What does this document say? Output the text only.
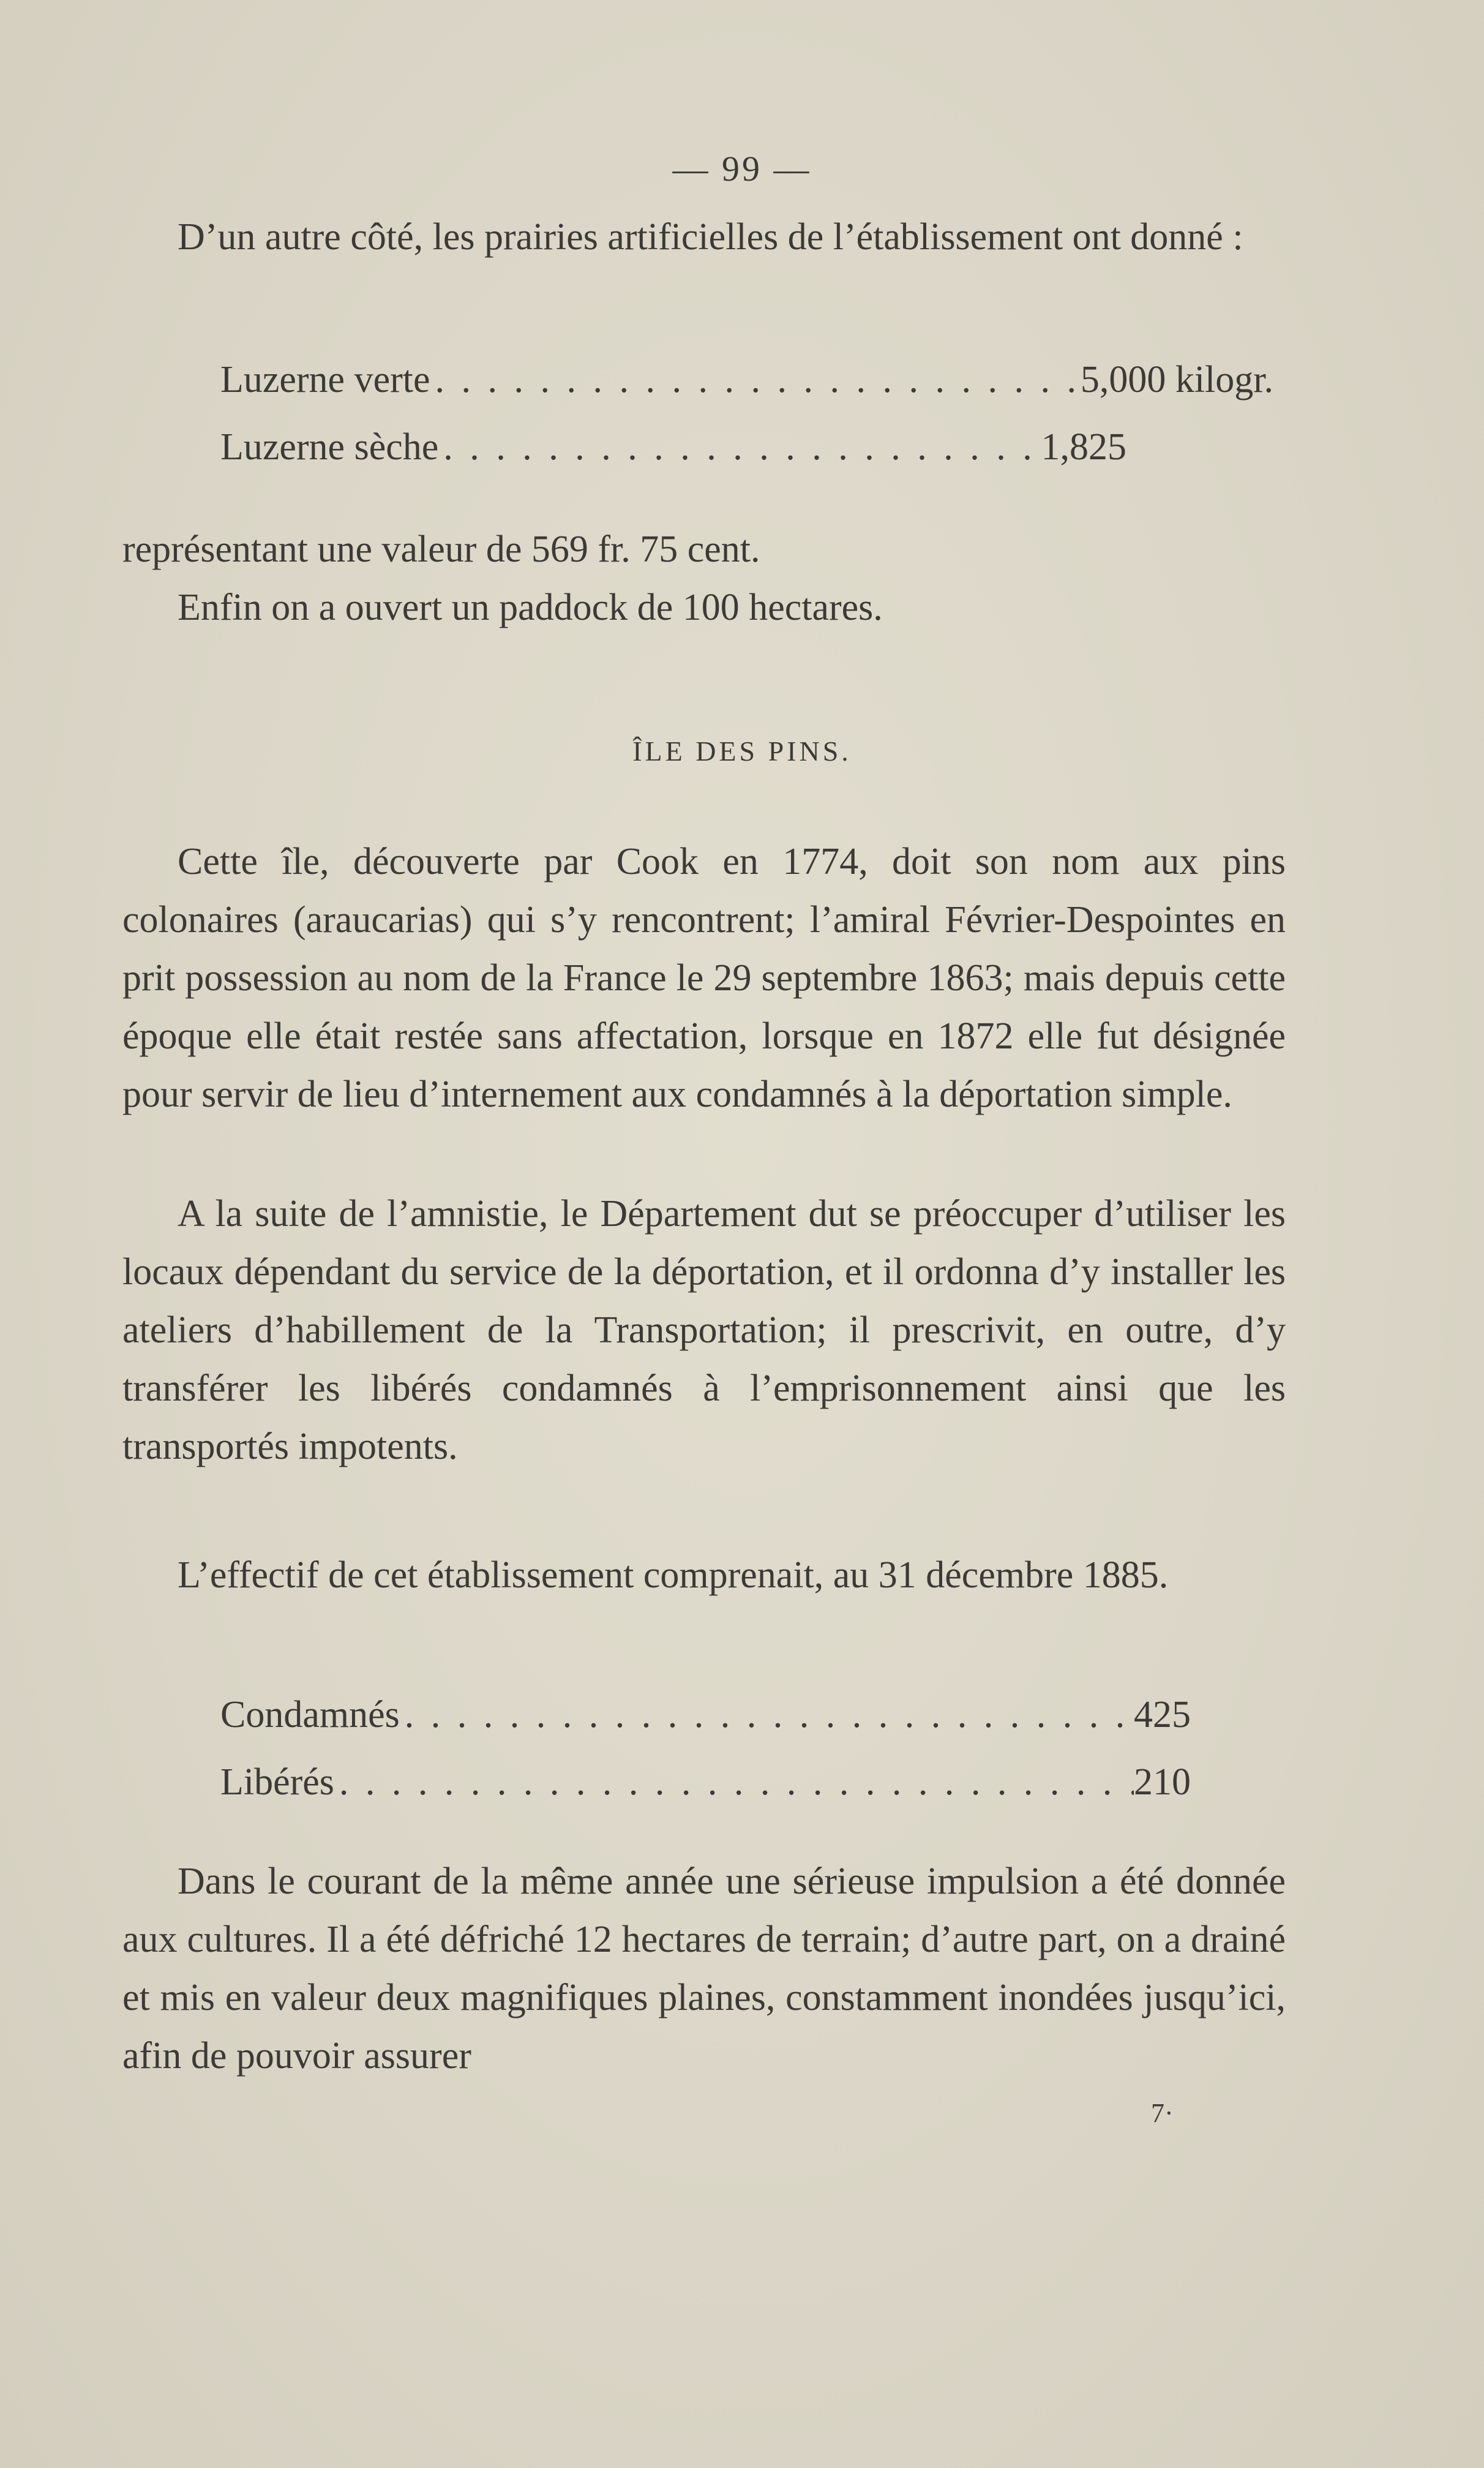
— 99 —

D’un autre côté, les prairies artificielles de l’établissement ont donné :

Luzerne verte . . .	5,000 kilogr.
Luzerne sèche . . .	1,825

représentant une valeur de 569 fr. 75 cent.

Enfin on a ouvert un paddock de 100 hectares.

ÎLE DES PINS.

Cette île, découverte par Cook en 1774, doit son nom aux pins colonaires (araucarias) qui s’y rencontrent; l’amiral Février-Despointes en prit possession au nom de la France le 29 septembre 1863; mais depuis cette époque elle était restée sans affectation, lorsque en 1872 elle fut désignée pour servir de lieu d’internement aux condamnés à la déportation simple.

A la suite de l’amnistie, le Département dut se préoccuper d’utiliser les locaux dépendant du service de la déportation, et il ordonna d’y installer les ateliers d’habillement de la Transportation; il prescrivit, en outre, d’y transférer les libérés condamnés à l’emprisonnement ainsi que les transportés impotents.

L’effectif de cet établissement comprenait, au 31 décembre 1885.

Condamnés . . .	425
Libérés . . .	210

Dans le courant de la même année une sérieuse impulsion a été donnée aux cultures. Il a été défriché 12 hectares de terrain; d’autre part, on a drainé et mis en valeur deux magnifiques plaines, constamment inondées jusqu’ici, afin de pouvoir assurer

7·
